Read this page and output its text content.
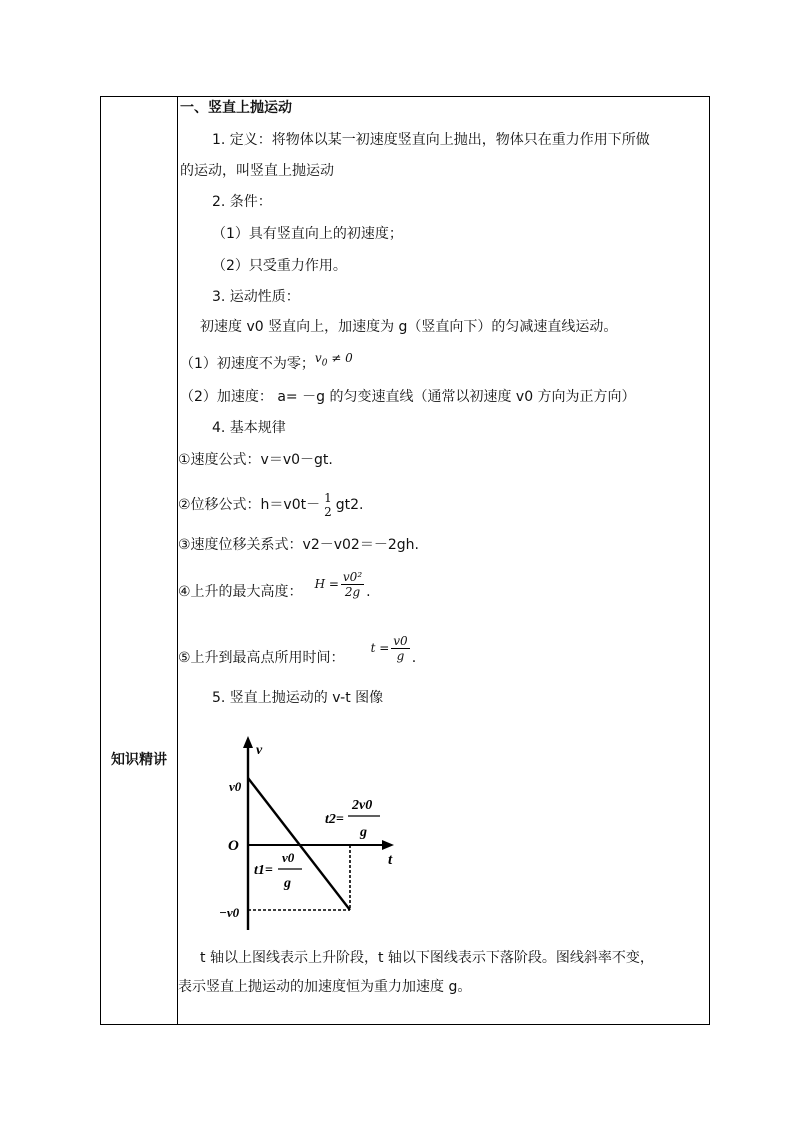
知识精讲
一、竖直上抛运动
1. 定义：将物体以某一初速度竖直向上抛出，物体只在重力作用下所做
的运动，叫竖直上抛运动
2. 条件：
（1）具有竖直向上的初速度；
（2）只受重力作用。
3. 运动性质：
初速度 v0 竖直向上，加速度为 g（竖直向下）的匀减速直线运动。
（1）初速度不为零；$v_0 \ne 0$
（2）加速度： a= －g 的匀变速直线（通常以初速度 v0 方向为正方向）
4. 基本规律
①速度公式：v＝v0－gt.
②位移公式：h＝v0t－ 1
2 gt2.
③速度位移关系式：v2－v02＝－2gh.
④上升的最大高度： $H = \frac{\text{v0²}}{2g}$ .
⑤上升到最高点所用时间：$t = \frac{v0}{g}$ .
5. 竖直上抛运动的 v-t 图像
v
t
O
v0
−v0
t1=
v0
g
t2=
2v0
g
t 轴以上图线表示上升阶段，t 轴以下图线表示下落阶段。图线斜率不变，
表示竖直上抛运动的加速度恒为重力加速度 g。
